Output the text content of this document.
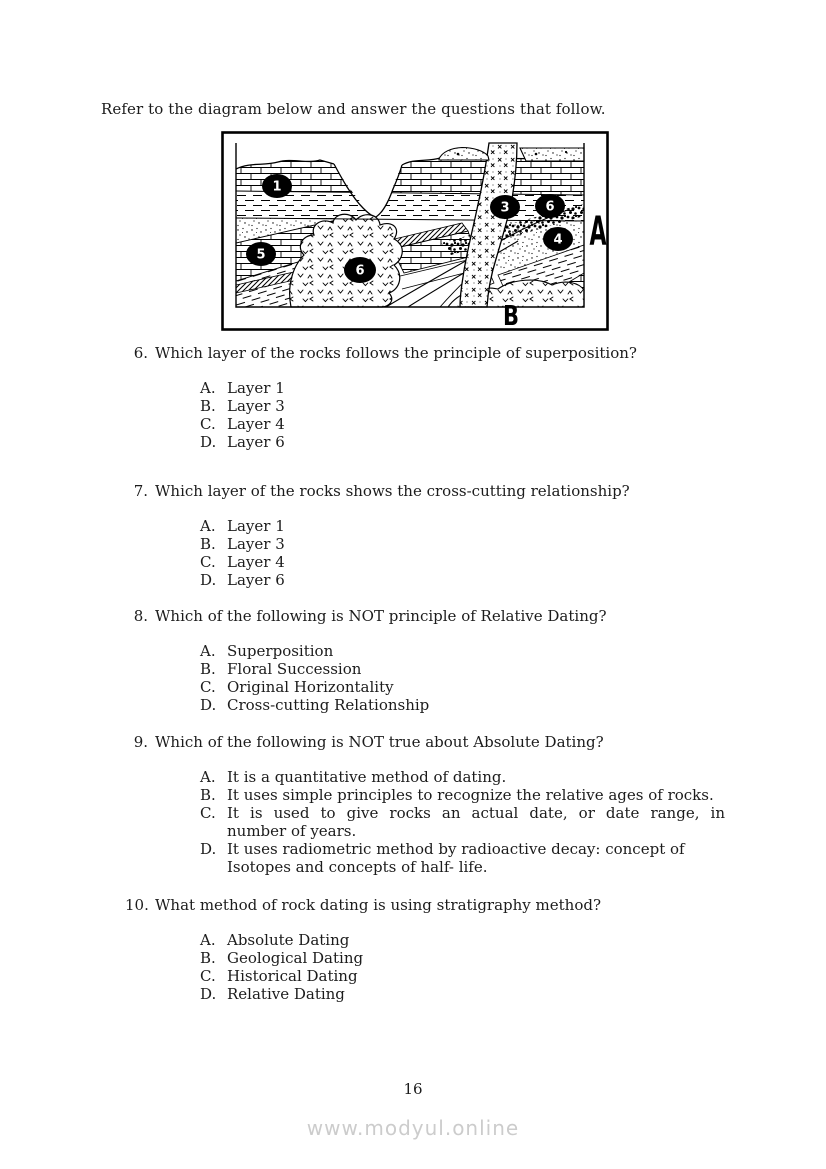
Refer to the diagram below and answer the questions that follow.

1
3	6
4
5
6
A
B
6. Which layer of the rocks follows the principle of superposition?
A. Layer 1
B. Layer 3
C. Layer 4
D. Layer 6
7. Which layer of the rocks shows the cross-cutting relationship?
A. Layer 1
B. Layer 3
C. Layer 4
D. Layer 6
8. Which of the following is NOT principle of Relative Dating?
A. Superposition
B. Floral Succession
C. Original Horizontality
D. Cross-cutting Relationship
9. Which of the following is NOT true about Absolute Dating?
A. It is a quantitative method of dating.
B. It uses simple principles to recognize the relative ages of rocks.
C. It is used to give rocks an actual date, or date range, in
number of years.
D. It uses radiometric method by radioactive decay: concept of
Isotopes and concepts of half- life.
10. What method of rock dating is using stratigraphy method?
A. Absolute Dating
B. Geological Dating
C. Historical Dating
D. Relative Dating
16
www.modyul.online
